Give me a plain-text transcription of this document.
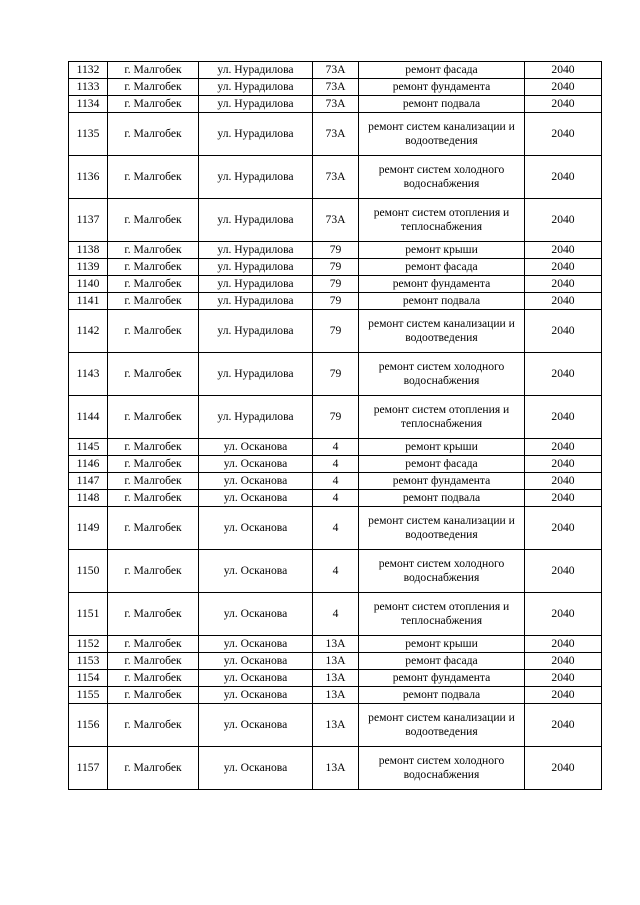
1132	г. Малгобек	ул. Нурадилова	73А	ремонт фасада	2040
1133	г. Малгобек	ул. Нурадилова	73А	ремонт фундамента	2040
1134	г. Малгобек	ул. Нурадилова	73А	ремонт подвала	2040
1135	г. Малгобек	ул. Нурадилова	73А	ремонт систем канализации и водоотведения	2040
1136	г. Малгобек	ул. Нурадилова	73А	ремонт систем холодного водоснабжения	2040
1137	г. Малгобек	ул. Нурадилова	73А	ремонт систем отопления и теплоснабжения	2040
1138	г. Малгобек	ул. Нурадилова	79	ремонт крыши	2040
1139	г. Малгобек	ул. Нурадилова	79	ремонт фасада	2040
1140	г. Малгобек	ул. Нурадилова	79	ремонт фундамента	2040
1141	г. Малгобек	ул. Нурадилова	79	ремонт подвала	2040
1142	г. Малгобек	ул. Нурадилова	79	ремонт систем канализации и водоотведения	2040
1143	г. Малгобек	ул. Нурадилова	79	ремонт систем холодного водоснабжения	2040
1144	г. Малгобек	ул. Нурадилова	79	ремонт систем отопления и теплоснабжения	2040
1145	г. Малгобек	ул. Осканова	4	ремонт крыши	2040
1146	г. Малгобек	ул. Осканова	4	ремонт фасада	2040
1147	г. Малгобек	ул. Осканова	4	ремонт фундамента	2040
1148	г. Малгобек	ул. Осканова	4	ремонт подвала	2040
1149	г. Малгобек	ул. Осканова	4	ремонт систем канализации и водоотведения	2040
1150	г. Малгобек	ул. Осканова	4	ремонт систем холодного водоснабжения	2040
1151	г. Малгобек	ул. Осканова	4	ремонт систем отопления и теплоснабжения	2040
1152	г. Малгобек	ул. Осканова	13А	ремонт крыши	2040
1153	г. Малгобек	ул. Осканова	13А	ремонт фасада	2040
1154	г. Малгобек	ул. Осканова	13А	ремонт фундамента	2040
1155	г. Малгобек	ул. Осканова	13А	ремонт подвала	2040
1156	г. Малгобек	ул. Осканова	13А	ремонт систем канализации и водоотведения	2040
1157	г. Малгобек	ул. Осканова	13А	ремонт систем холодного водоснабжения	2040
